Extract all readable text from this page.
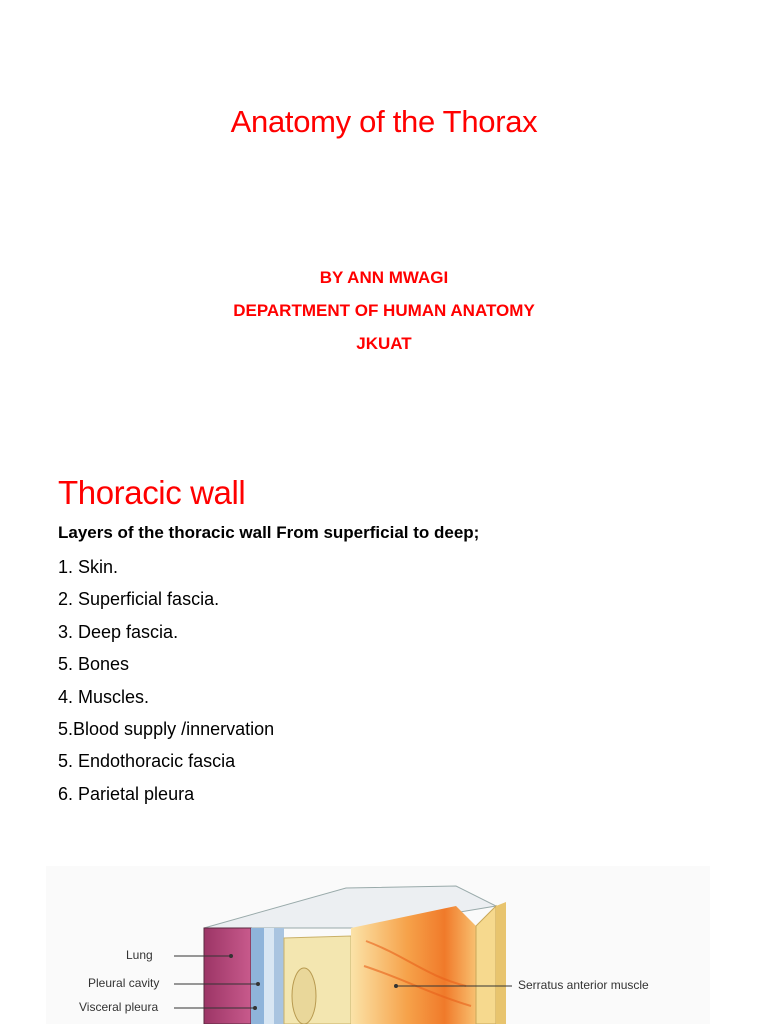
Anatomy of the Thorax
BY ANN MWAGI
DEPARTMENT OF HUMAN ANATOMY
JKUAT
Thoracic wall
Layers of the thoracic wall From superficial to deep;
1. Skin.
2. Superficial fascia.
3. Deep fascia.
5. Bones
4. Muscles.
5.Blood supply /innervation
5. Endothoracic fascia
6. Parietal pleura
Lung
Pleural cavity
Visceral pleura
Serratus anterior muscle
